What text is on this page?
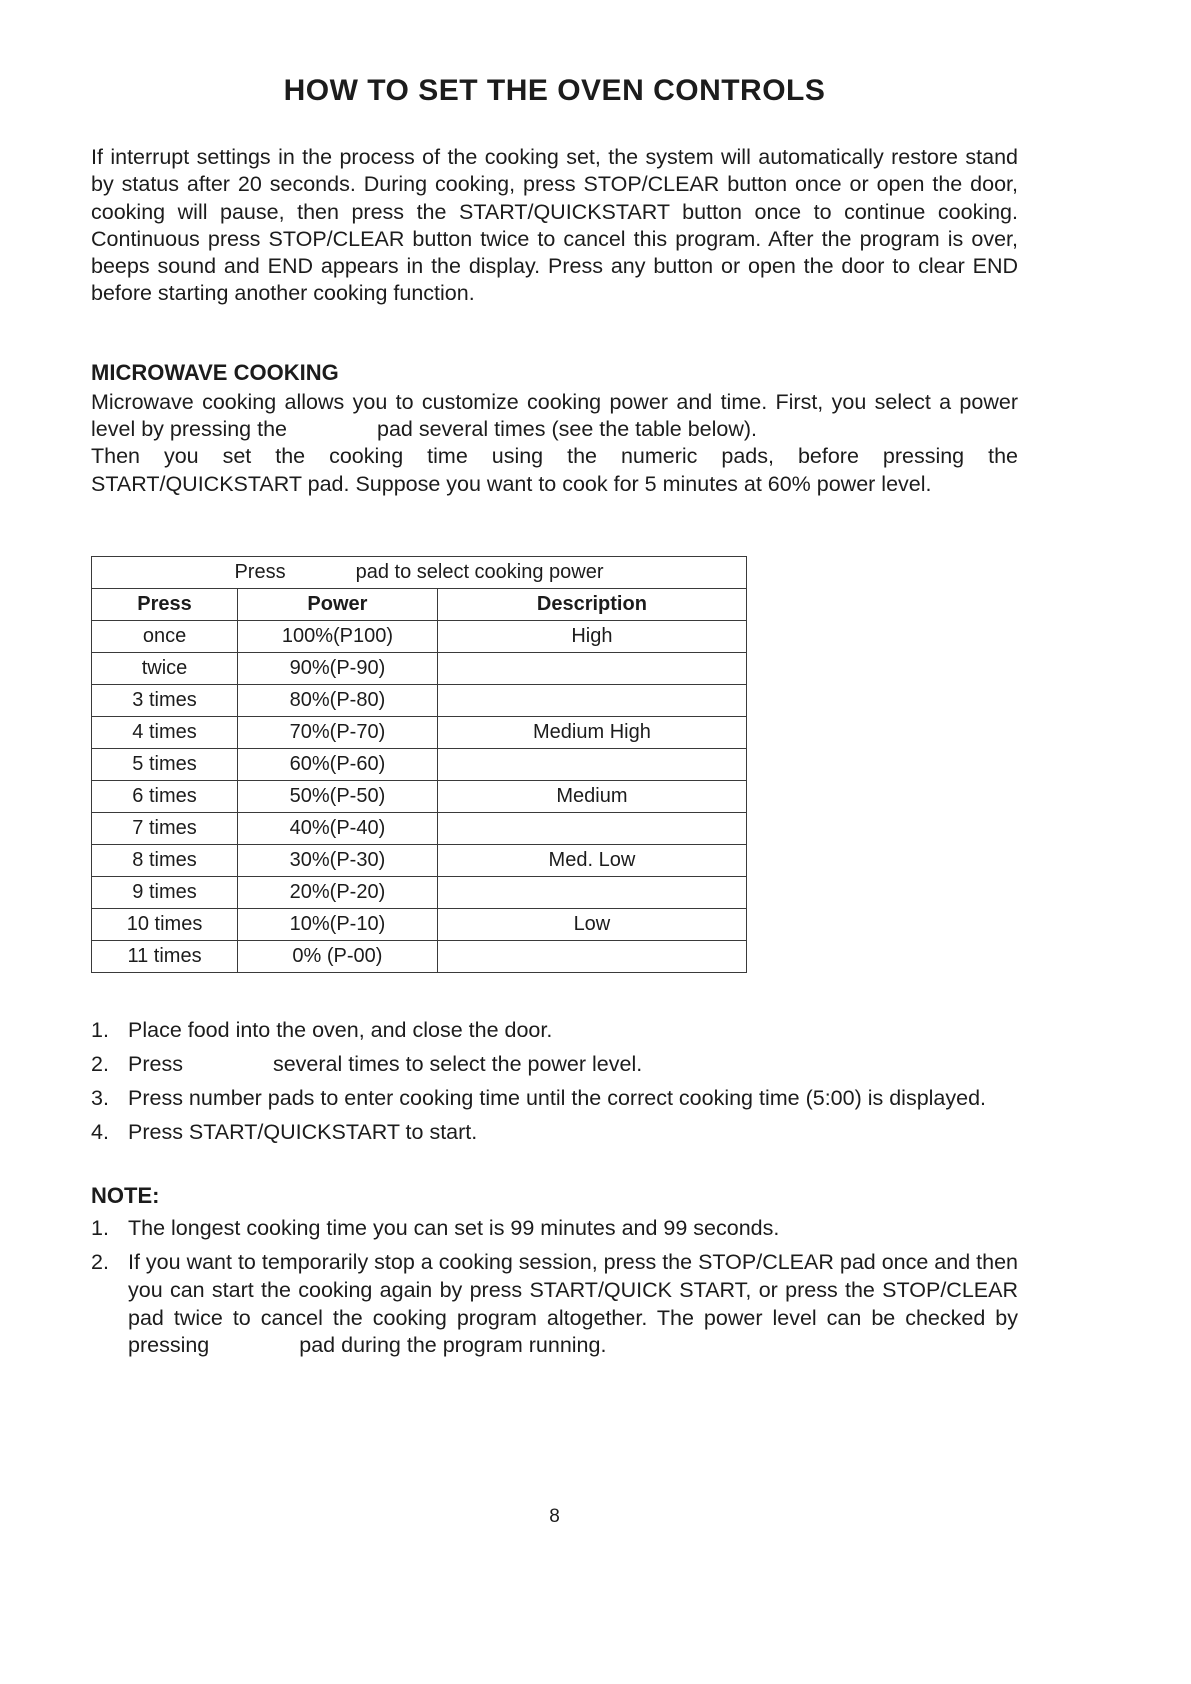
HOW TO SET THE OVEN CONTROLS

If interrupt settings in the process of the cooking set, the system will automatically restore stand by status after 20 seconds. During cooking, press STOP/CLEAR button once or open the door, cooking will pause, then press the START/QUICKSTART button once to continue cooking. Continuous press STOP/CLEAR button twice to cancel this program. After the program is over, beeps sound and END appears in the display. Press any button or open the door to clear END before starting another cooking function.

MICROWAVE COOKING

Microwave cooking allows you to customize cooking power and time. First, you select a power level by pressing the	pad several times (see the table below).

Then you set the cooking time using the numeric pads, before pressing the START/QUICKSTART pad. Suppose you want to cook for 5 minutes at 60% power level.

Press pad to select cooking power		
Press	Power	Description
once	100%(P100)	High
twice	90%(P-90)	
3 times	80%(P-80)	
4 times	70%(P-70)	Medium High
5 times	60%(P-60)	
6 times	50%(P-50)	Medium
7 times	40%(P-40)	
8 times	30%(P-30)	Med. Low
9 times	20%(P-20)	
10 times	10%(P-10)	Low
11 times	0% (P-00)	
1. Place food into the oven, and close the door.
2. Press	several times to select the power level.
3. Press number pads to enter cooking time until the correct cooking time (5:00) is displayed.
4. Press START/QUICKSTART to start.
NOTE:
1. The longest cooking time you can set is 99 minutes and 99 seconds.
2. If you want to temporarily stop a cooking session, press the STOP/CLEAR pad once and then you can start the cooking again by press START/QUICK START, or press the STOP/CLEAR pad twice to cancel the cooking program altogether. The power level can be checked by pressing	pad during the program running.
8
